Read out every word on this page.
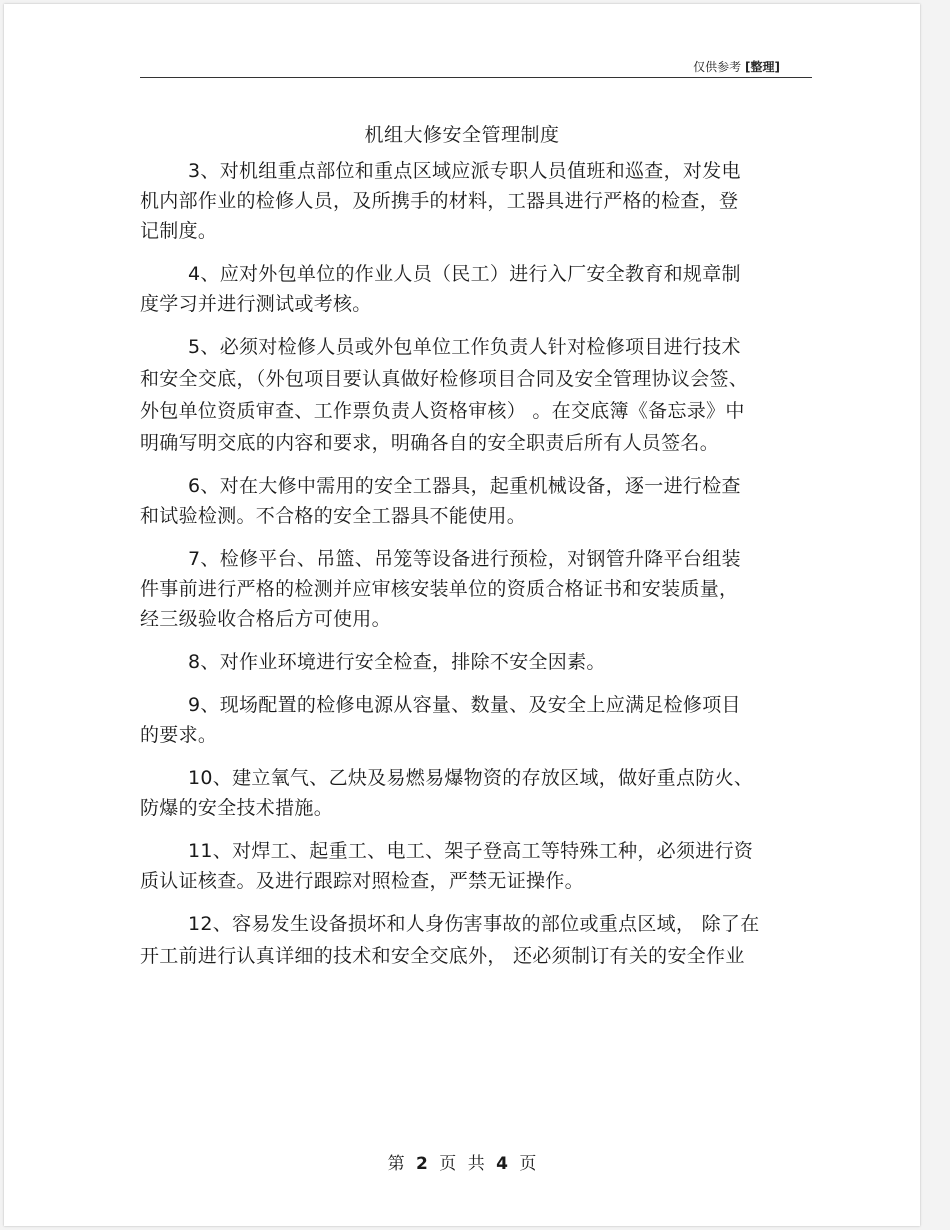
仅供参考 [整理]
机组大修安全管理制度
3、对机组重点部位和重点区域应派专职人员值班和巡查，对发电
机内部作业的检修人员，及所携手的材料，工器具进行严格的检查，登
记制度。
4、应对外包单位的作业人员（民工）进行入厂安全教育和规章制
度学习并进行测试或考核。
5、必须对检修人员或外包单位工作负责人针对检修项目进行技术
和安全交底，（外包项目要认真做好检修项目合同及安全管理协议会签、
外包单位资质审查、工作票负责人资格审核） 。在交底簿《备忘录》中
明确写明交底的内容和要求，明确各自的安全职责后所有人员签名。
6、对在大修中需用的安全工器具，起重机械设备，逐一进行检查
和试验检测。不合格的安全工器具不能使用。
7、检修平台、吊篮、吊笼等设备进行预检，对钢管升降平台组装
件事前进行严格的检测并应审核安装单位的资质合格证书和安装质量，
经三级验收合格后方可使用。
8、对作业环境进行安全检查，排除不安全因素。
9、现场配置的检修电源从容量、数量、及安全上应满足检修项目
的要求。
10、建立氧气、乙炔及易燃易爆物资的存放区域，做好重点防火、
防爆的安全技术措施。
11、对焊工、起重工、电工、架子登高工等特殊工种，必须进行资
质认证核查。及进行跟踪对照检查，严禁无证操作。
12、容易发生设备损坏和人身伤害事故的部位或重点区域， 除了在
开工前进行认真详细的技术和安全交底外， 还必须制订有关的安全作业
第 2 页 共 4 页
